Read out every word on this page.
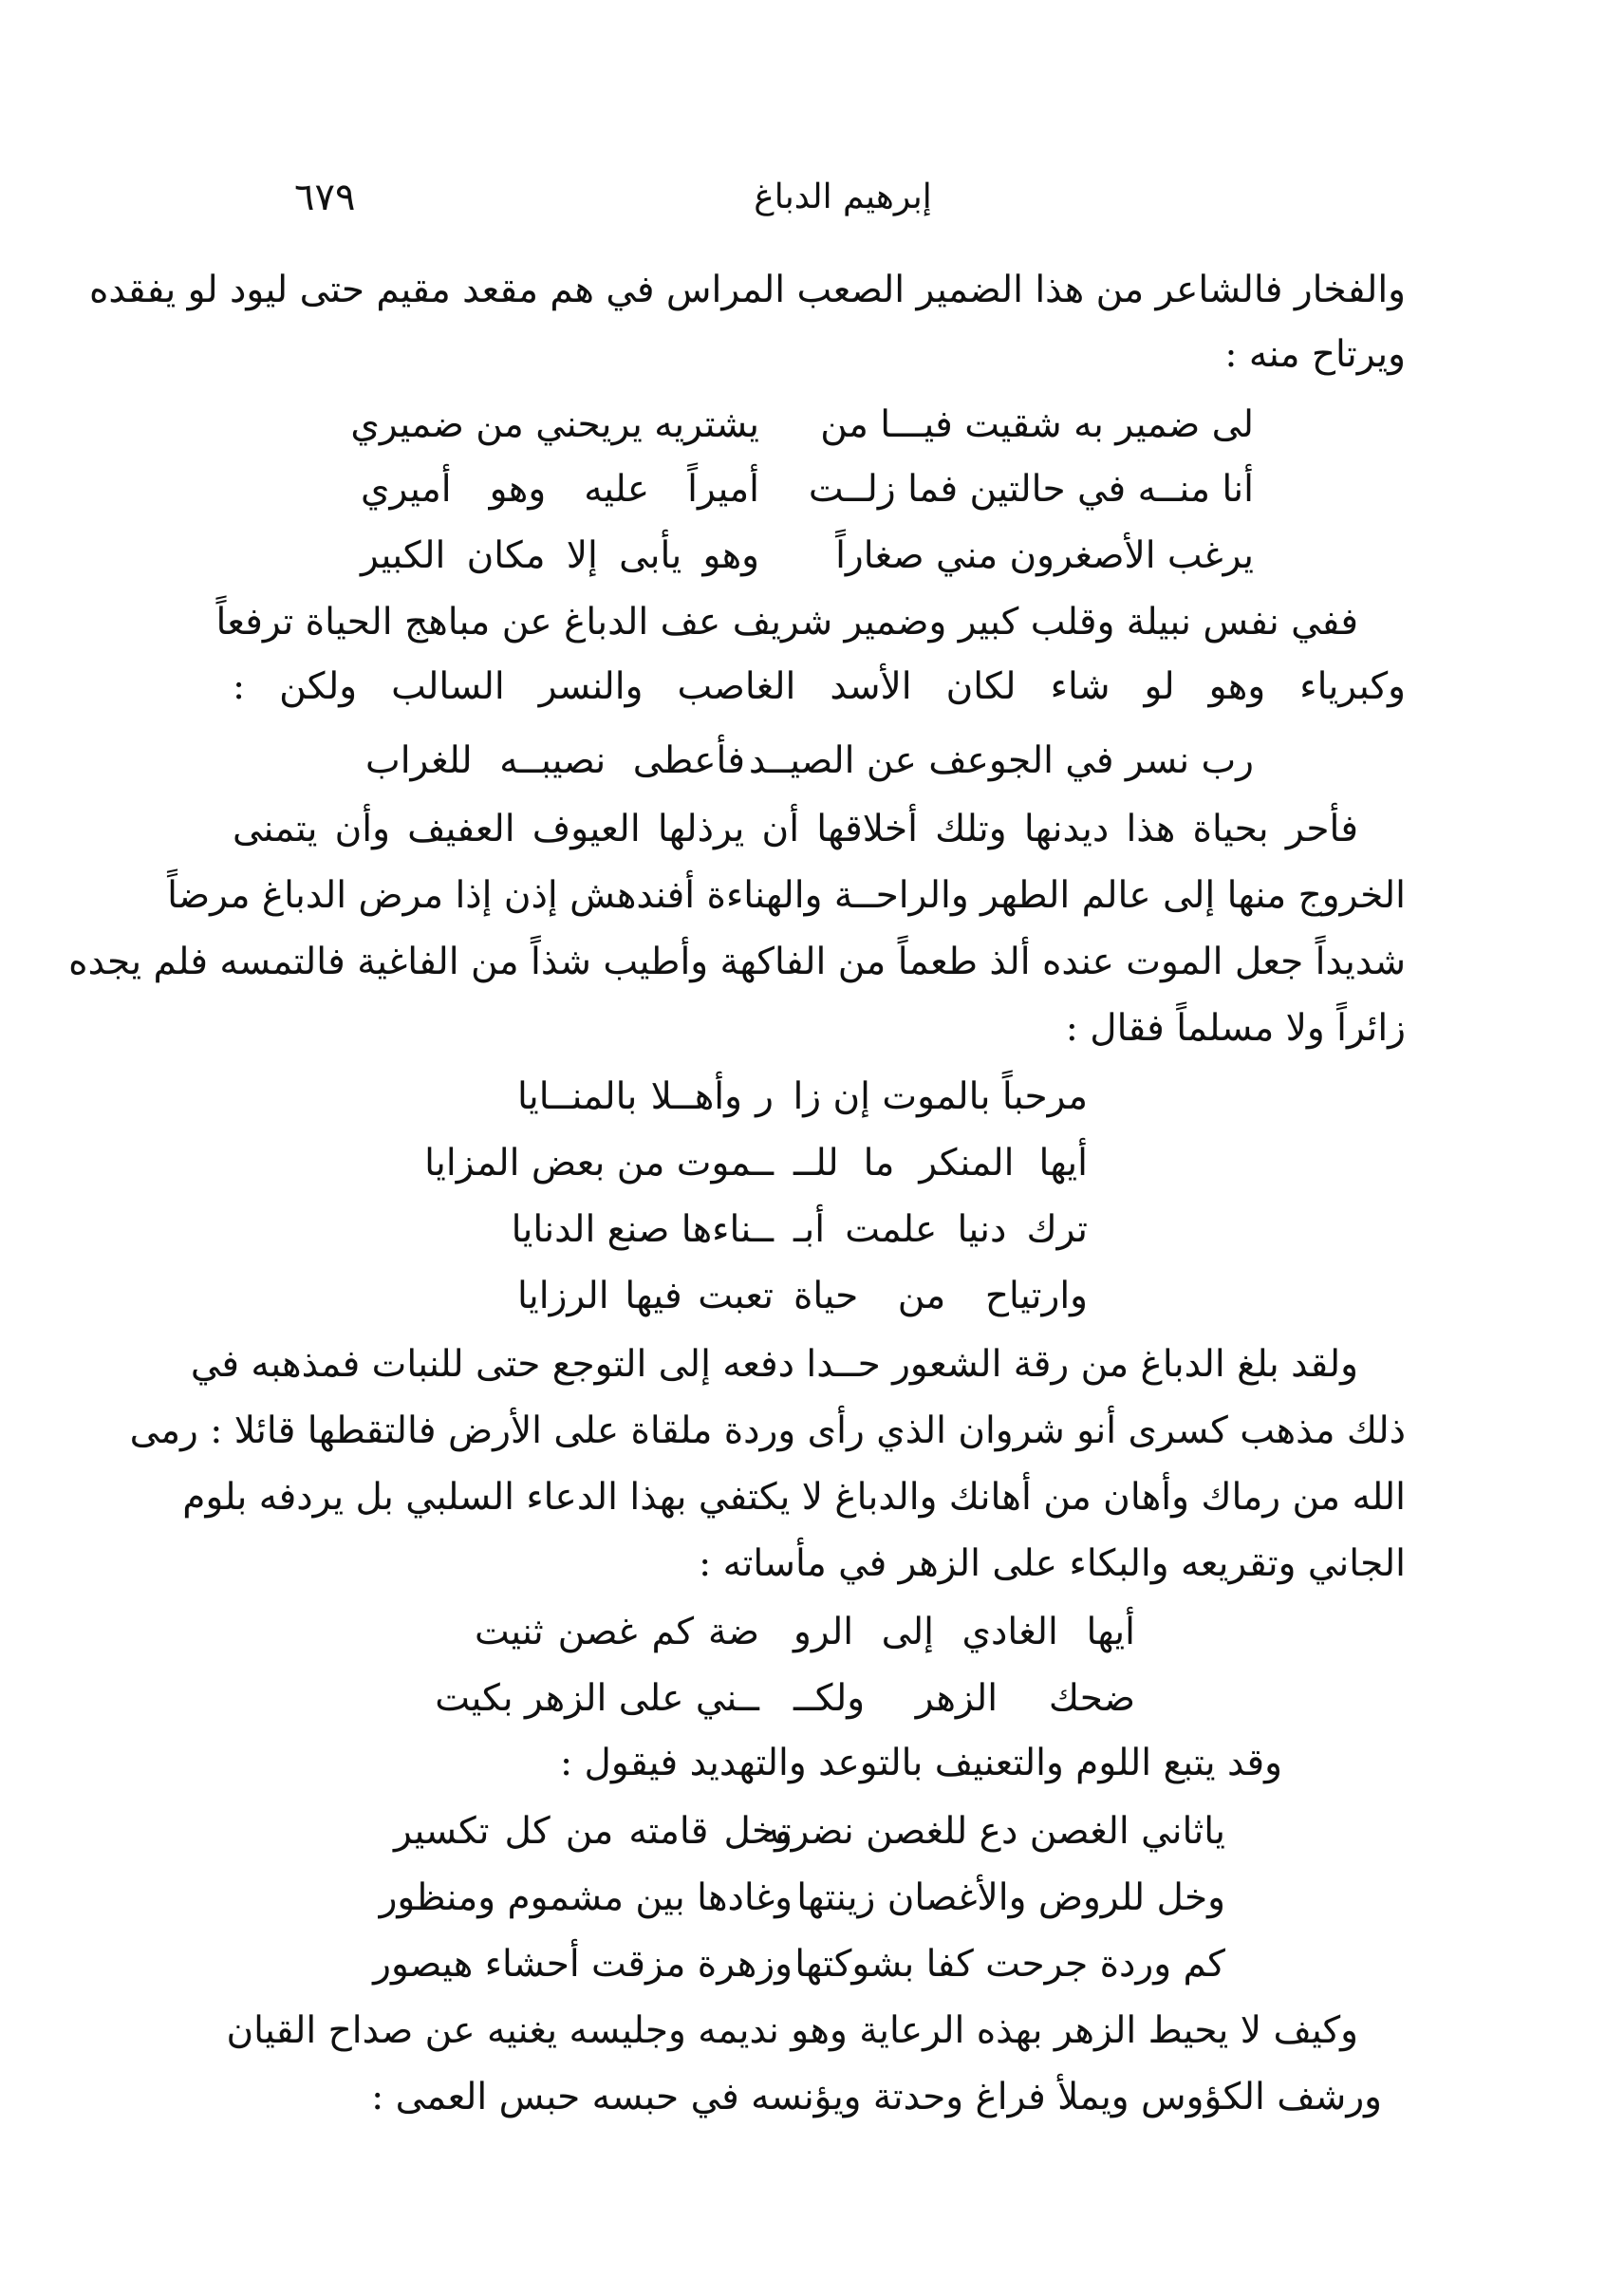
إبرهيم الدباغ
٦٧٩
والفخار فالشاعر من هذا الضمير الصعب المراس في هم مقعد مقيم حتى ليود لو يفقده
ويرتاح منه :
لى ضمير به شقيت فيـــا من
يشتريه يريحني من ضميري
أنا منــه في حالتين فما زلــت
أميراً عليه وهو أميري
يرغب الأصغرون مني صغاراً
وهو يأبى إلا مكان الكبير
ففي نفس نبيلة وقلب كبير وضمير شريف عف الدباغ عن مباهج الحياة ترفعاً
وكبرياء وهو لو شاء لكان الأسد الغاصب والنسر السالب ولكن :
رب نسر في الجوعف عن الصيــد
فأعطى نصيبــه للغراب
فأحر بحياة هذا ديدنها وتلك أخلاقها أن يرذلها العيوف العفيف وأن يتمنى
الخروج منها إلى عالم الطهر والراحــة والهناءة أفندهش إذن إذا مرض الدباغ مرضاً
شديداً جعل الموت عنده ألذ طعماً من الفاكهة وأطيب شذاً من الفاغية فالتمسه فلم يجده
زائراً ولا مسلماً فقال :
مرحباً بالموت إن زا
ر وأهــلا بالمنــايا
أيها المنكر ما للــ
ــموت من بعض المزايا
ترك دنيا علمت أبـ
ــناءها صنع الدنايا
وارتياح من حياة
تعبت فيها الرزايا
ولقد بلغ الدباغ من رقة الشعور حــدا دفعه إلى التوجع حتى للنبات فمذهبه في
ذلك مذهب كسرى أنو شروان الذي رأى وردة ملقاة على الأرض فالتقطها قائلا : رمى
الله من رماك وأهان من أهانك والدباغ لا يكتفي بهذا الدعاء السلبي بل يردفه بلوم
الجاني وتقريعه والبكاء على الزهر في مأساته :
أيها الغادي إلى الرو
ضة كم غصن ثنيت
ضحك الزهر ولكــ
ــني على الزهر بكيت
وقد يتبع اللوم والتعنيف بالتوعد والتهديد فيقول :
ياثاني الغصن دع للغصن نضرته
وخل قامته من كل تكسير
وخل للروض والأغصان زينتها
وغادها بين مشموم ومنظور
كم وردة جرحت كفا بشوكتها
وزهرة مزقت أحشاء هيصور
وكيف لا يحيط الزهر بهذه الرعاية وهو نديمه وجليسه يغنيه عن صداح القيان
ورشف الكؤوس ويملأ فراغ وحدتة ويؤنسه في حبسه حبس العمى :
